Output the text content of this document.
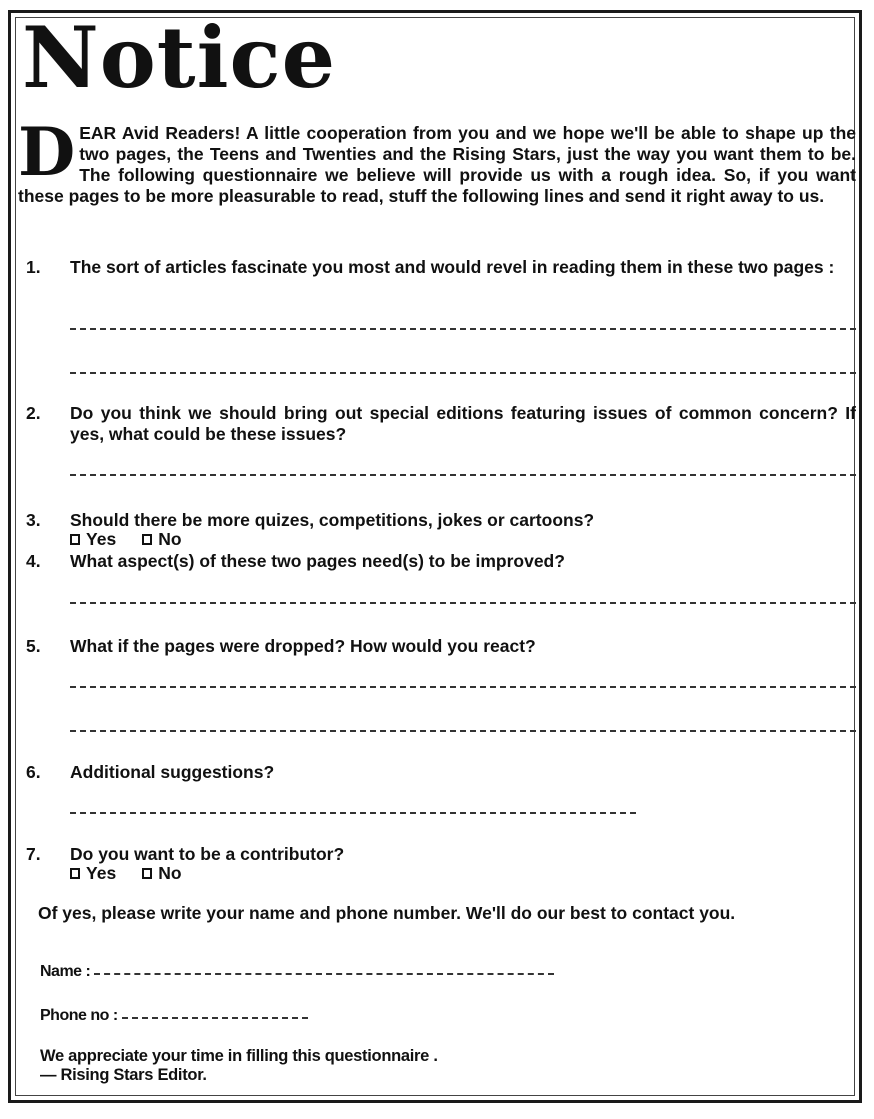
Notice
DEAR Avid Readers! A little cooperation from you and we hope we'll be able to shape up the two pages, the Teens and Twenties and the Rising Stars, just the way you want them to be. The following questionnaire we believe will provide us with a rough idea. So, if you want these pages to be more pleasurable to read, stuff the following lines and send it right away to us.
1. The sort of articles fascinate you most and would revel in reading them in these two pages :
2. Do you think we should bring out special editions featuring issues of common concern? If yes, what could be these issues?
3. Should there be more quizes, competitions, jokes or cartoons?
Yes No
4. What aspect(s) of these two pages need(s) to be improved?
5. What if the pages were dropped? How would you react?
6. Additional suggestions?
7. Do you want to be a contributor?
Yes No
Of yes, please write your name and phone number. We'll do our best to contact you.
Name :
Phone no :
We appreciate your time in filling this questionnaire .
— Rising Stars Editor.
